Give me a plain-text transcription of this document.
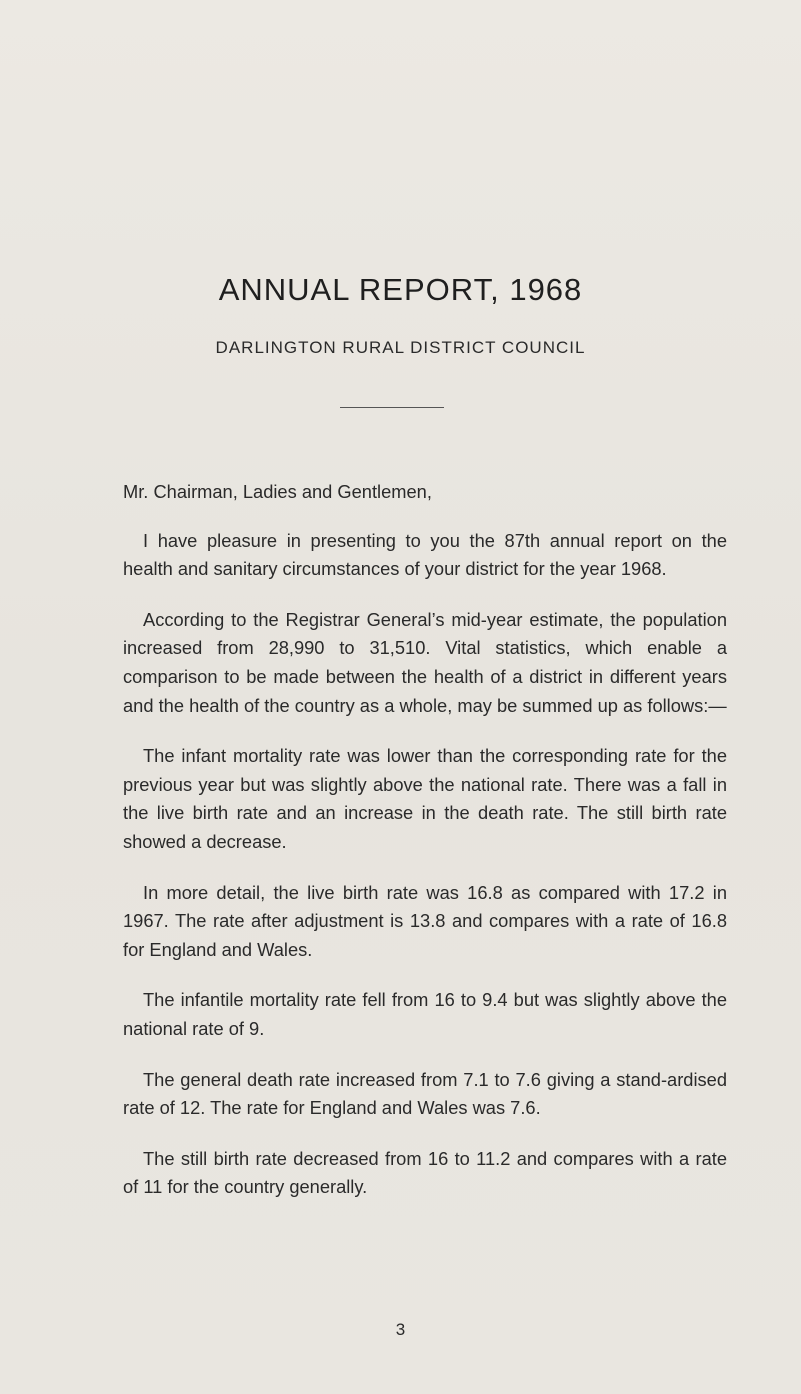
ANNUAL REPORT, 1968
DARLINGTON RURAL DISTRICT COUNCIL

Mr. Chairman, Ladies and Gentlemen,

I have pleasure in presenting to you the 87th annual report on the health and sanitary circumstances of your district for the year 1968.

According to the Registrar General’s mid-year estimate, the population increased from 28,990 to 31,510. Vital statistics, which enable a comparison to be made between the health of a district in different years and the health of the country as a whole, may be summed up as follows:—

The infant mortality rate was lower than the corresponding rate for the previous year but was slightly above the national rate. There was a fall in the live birth rate and an increase in the death rate. The still birth rate showed a decrease.

In more detail, the live birth rate was 16.8 as compared with 17.2 in 1967. The rate after adjustment is 13.8 and compares with a rate of 16.8 for England and Wales.

The infantile mortality rate fell from 16 to 9.4 but was slightly above the national rate of 9.

The general death rate increased from 7.1 to 7.6 giving a stand-ardised rate of 12. The rate for England and Wales was 7.6.

The still birth rate decreased from 16 to 11.2 and compares with a rate of 11 for the country generally.

3
